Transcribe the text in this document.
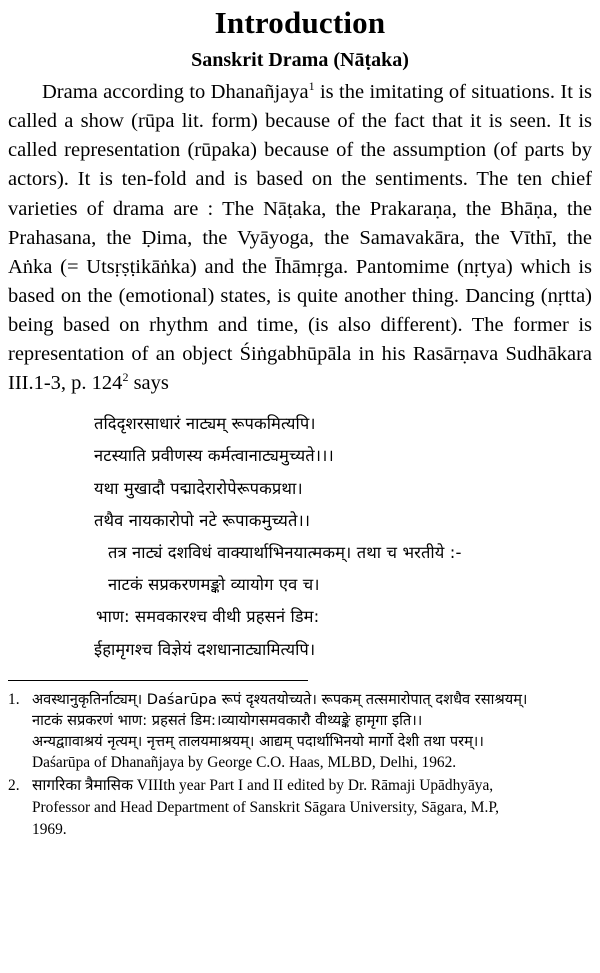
Introduction
Sanskrit Drama (Nāṭaka)

Drama according to Dhanañjaya$^1$ is the imitating of situations. It is called a show (rūpa lit. form) because of the fact that it is seen. It is called representation (rūpaka) because of the assumption (of parts by actors). It is ten-fold and is based on the sentiments. The ten chief varieties of drama are : The Nāṭaka, the Prakaraṇa, the Bhāṇa, the Prahasana, the Ḍima, the Vyāyoga, the Samavakāra, the Vīthī, the Aṅka (= Utsṛṣṭikāṅka) and the Īhāmṛga. Pantomime (nṛtya) which is based on the (emotional) states, is quite another thing. Dancing (nṛtta) being based on rhythm and time, (is also different). The former is representation of an object Śiṅgabhūpāla in his Rasārṇava Sudhākara III.1-3, p. $124^2$ says

तदिदृशरसाधारं नाट्यम् रूपकमित्यपि।
नटस्याति प्रवीणस्य कर्मत्वानाट्यमुच्यते।।।
यथा मुखादौ पद्मादेरारोपेरूपकप्रथा।
तथैव नायकारोपो नटे रूपाकमुच्यते।।
तत्र नाट्यं दशविधं वाक्यार्थाभिनयात्मकम्। तथा च भरतीये :-
नाटकं सप्रकरणमङ्को व्यायोग एव च।
भाण: समवकारश्च वीथी प्रहसनं डिम:
ईहामृगश्च विज्ञेयं दशधानाट्यामित्यपि।
1. अवस्थानुकृतिर्नाट्यम्। Daśarūpa रूपं दृश्यतयोच्यते। रूपकम् तत्समारोपात् दशधैव रसाश्रयम्।
नाटकं सप्रकरणं भाण: प्रहसतं डिम:।व्यायोगसमवकारौ वीथ्यङ्के हामृगा इति।।
अन्यद्वाावाश्रयं नृत्यम्। नृत्तम् तालयमाश्रयम्। आद्यम् पदार्थाभिनयो मार्गो देशी तथा परम्।।
Daśarūpa of Dhanañjaya by George C.O. Haas, MLBD, Delhi, 1962.
2. सागरिका त्रैमासिक VIIIth year Part I and II edited by Dr. Rāmaji Upādhyāya,
Professor and Head Department of Sanskrit Sāgara University, Sāgara, M.P,
1969.
